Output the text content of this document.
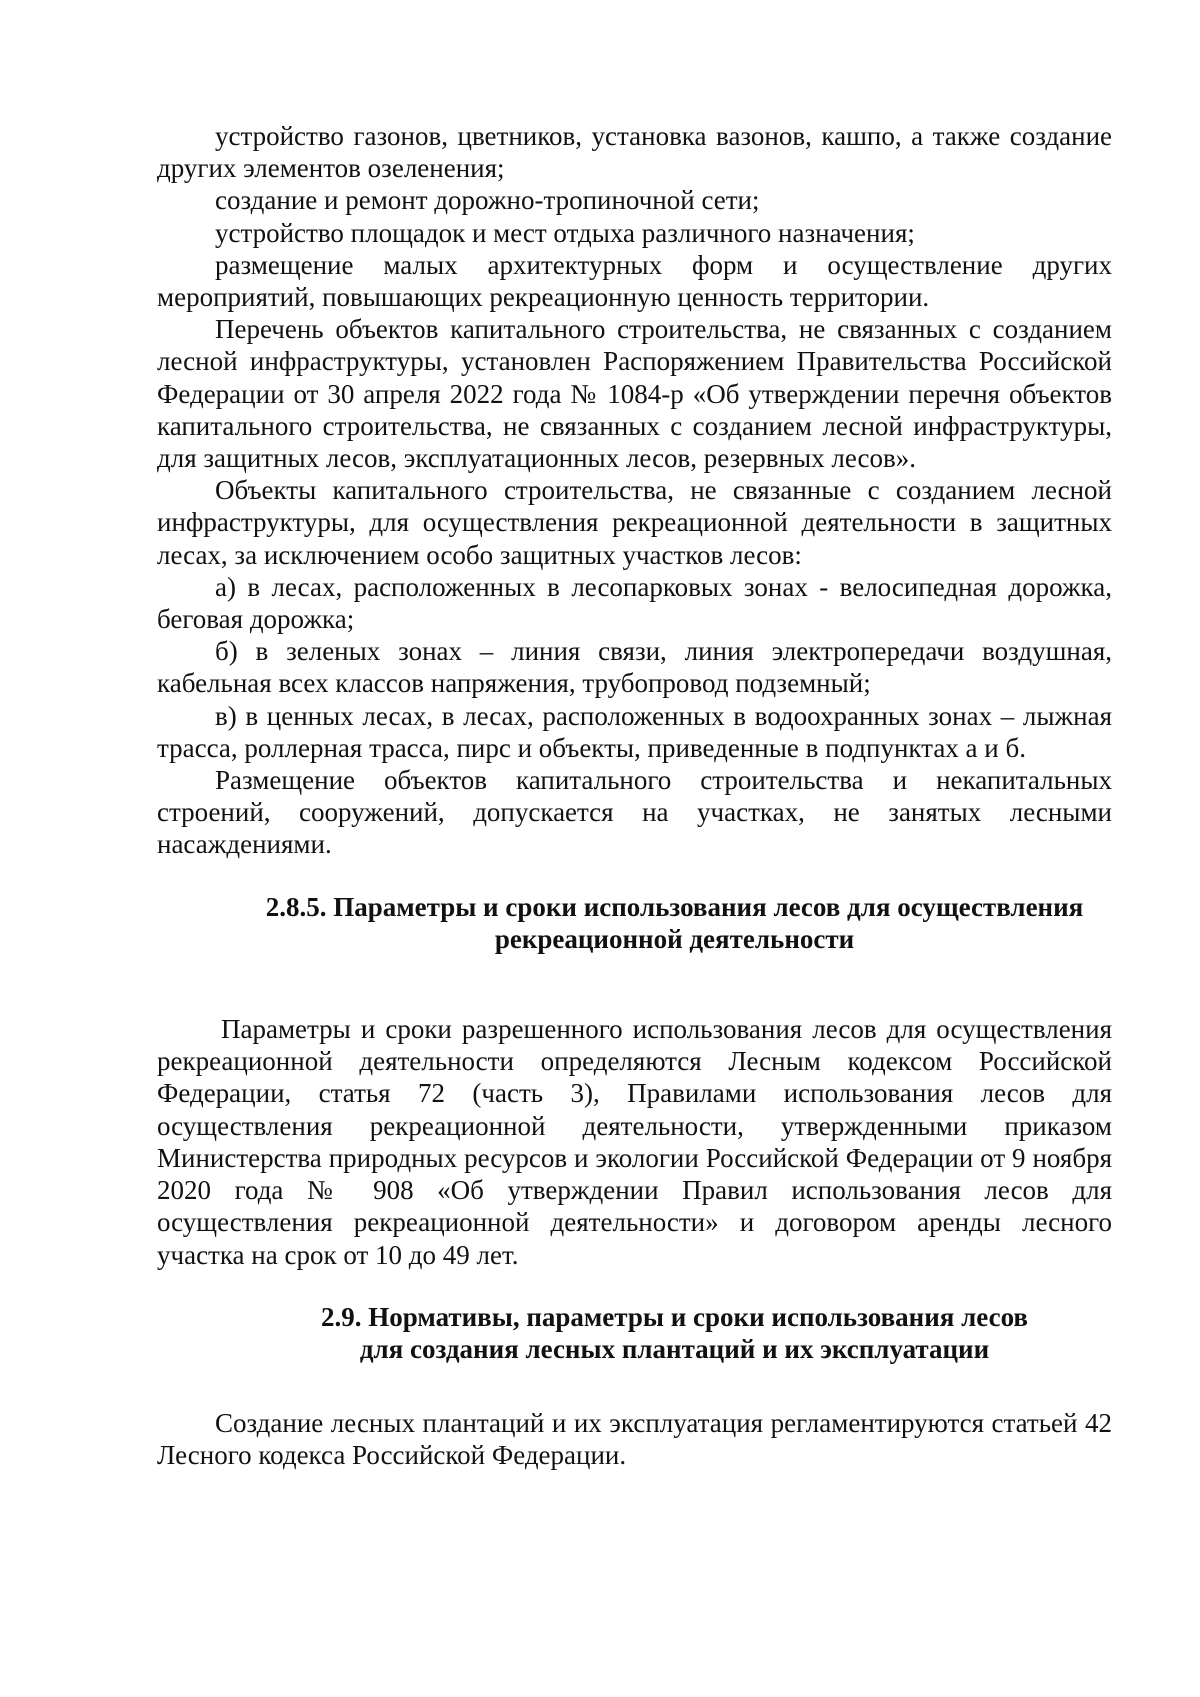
устройство газонов, цветников, установка вазонов, кашпо, а также создание других элементов озеленения;

создание и ремонт дорожно-тропиночной сети;

устройство площадок и мест отдыха различного назначения;

размещение малых архитектурных форм и осуществление других мероприятий, повышающих рекреационную ценность территории.

Перечень объектов капитального строительства, не связанных с созданием лесной инфраструктуры, установлен Распоряжением Правительства Российской Федерации от 30 апреля 2022 года № 1084-р «Об утверждении перечня объектов капитального строительства, не связанных с созданием лесной инфраструктуры, для защитных лесов, эксплуатационных лесов, резервных лесов».

Объекты капитального строительства, не связанные с созданием лесной инфраструктуры, для осуществления рекреационной деятельности в защитных лесах, за исключением особо защитных участков лесов:

а) в лесах, расположенных в лесопарковых зонах - велосипедная дорожка, беговая дорожка;

б) в зеленых зонах – линия связи, линия электропередачи воздушная, кабельная всех классов напряжения, трубопровод подземный;

в) в ценных лесах, в лесах, расположенных в водоохранных зонах – лыжная трасса, роллерная трасса, пирс и объекты, приведенные в подпунктах а и б.

Размещение объектов капитального строительства и некапитальных строений, сооружений, допускается на участках, не занятых лесными насаждениями.

2.8.5. Параметры и сроки использования лесов для осуществления
рекреационной деятельности

Параметры и сроки разрешенного использования лесов для осуществления рекреационной деятельности определяются Лесным кодексом Российской Федерации, статья 72 (часть 3), Правилами использования лесов для осуществления рекреационной деятельности, утвержденными приказом Министерства природных ресурсов и экологии Российской Федерации от 9 ноября 2020 года № 908 «Об утверждении Правил использования лесов для осуществления рекреационной деятельности» и договором аренды лесного участка на срок от 10 до 49 лет.

2.9. Нормативы, параметры и сроки использования лесов
для создания лесных плантаций и их эксплуатации

Создание лесных плантаций и их эксплуатация регламентируются статьей 42 Лесного кодекса Российской Федерации.
